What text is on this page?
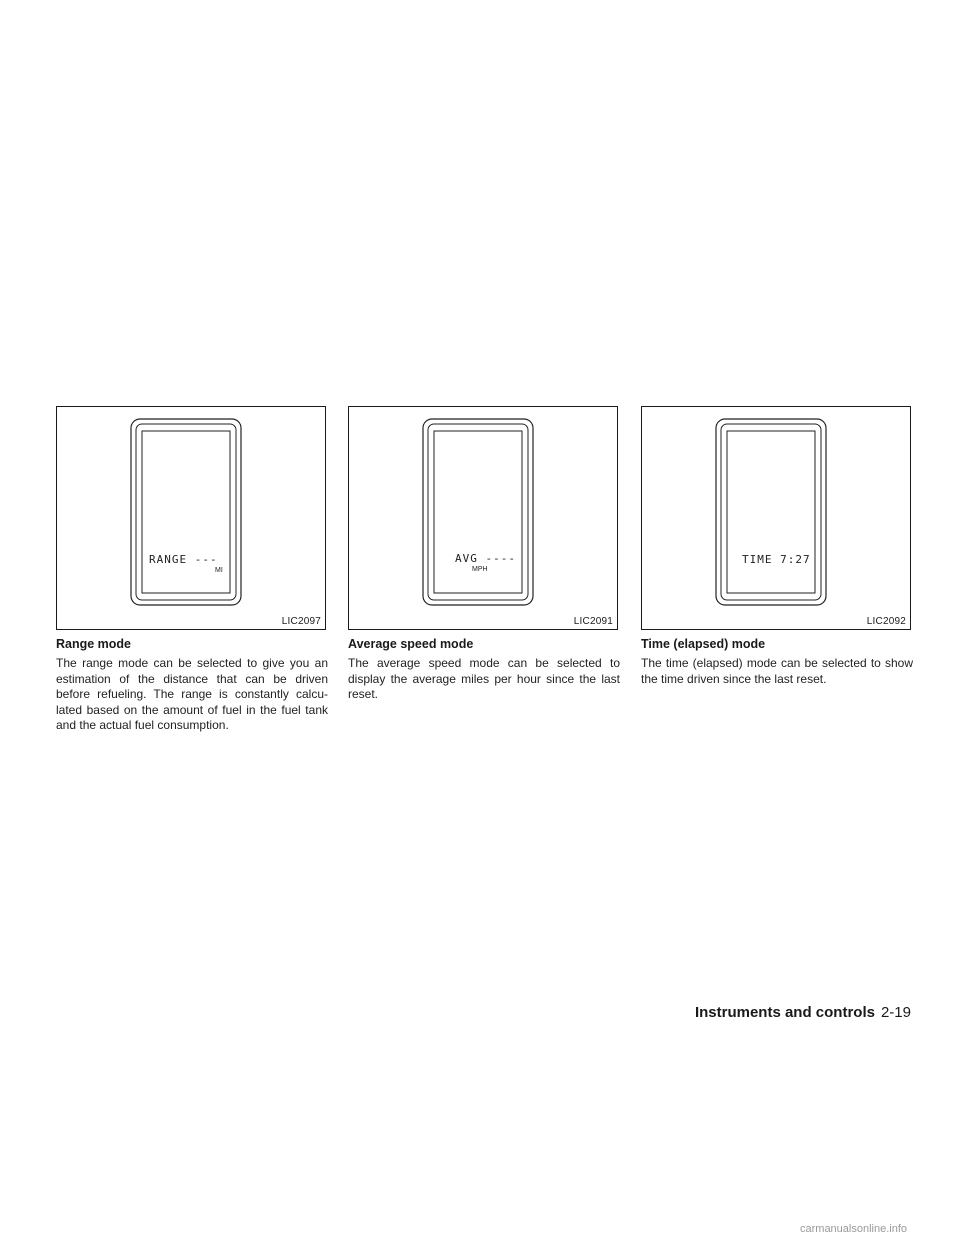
RANGE ---
MI
LIC2097
Range mode

The range mode can be selected to give you an estimation of the distance that can be driven before refueling. The range is constantly calcu-lated based on the amount of fuel in the fuel tank and the actual fuel consumption.

AVG ----
MPH
LIC2091
Average speed mode

The average speed mode can be selected to display the average miles per hour since the last reset.

TIME 7:27
LIC2092
Time (elapsed) mode

The time (elapsed) mode can be selected to show the time driven since the last reset.

Instruments and controls 2-19
carmanualsonline.info
